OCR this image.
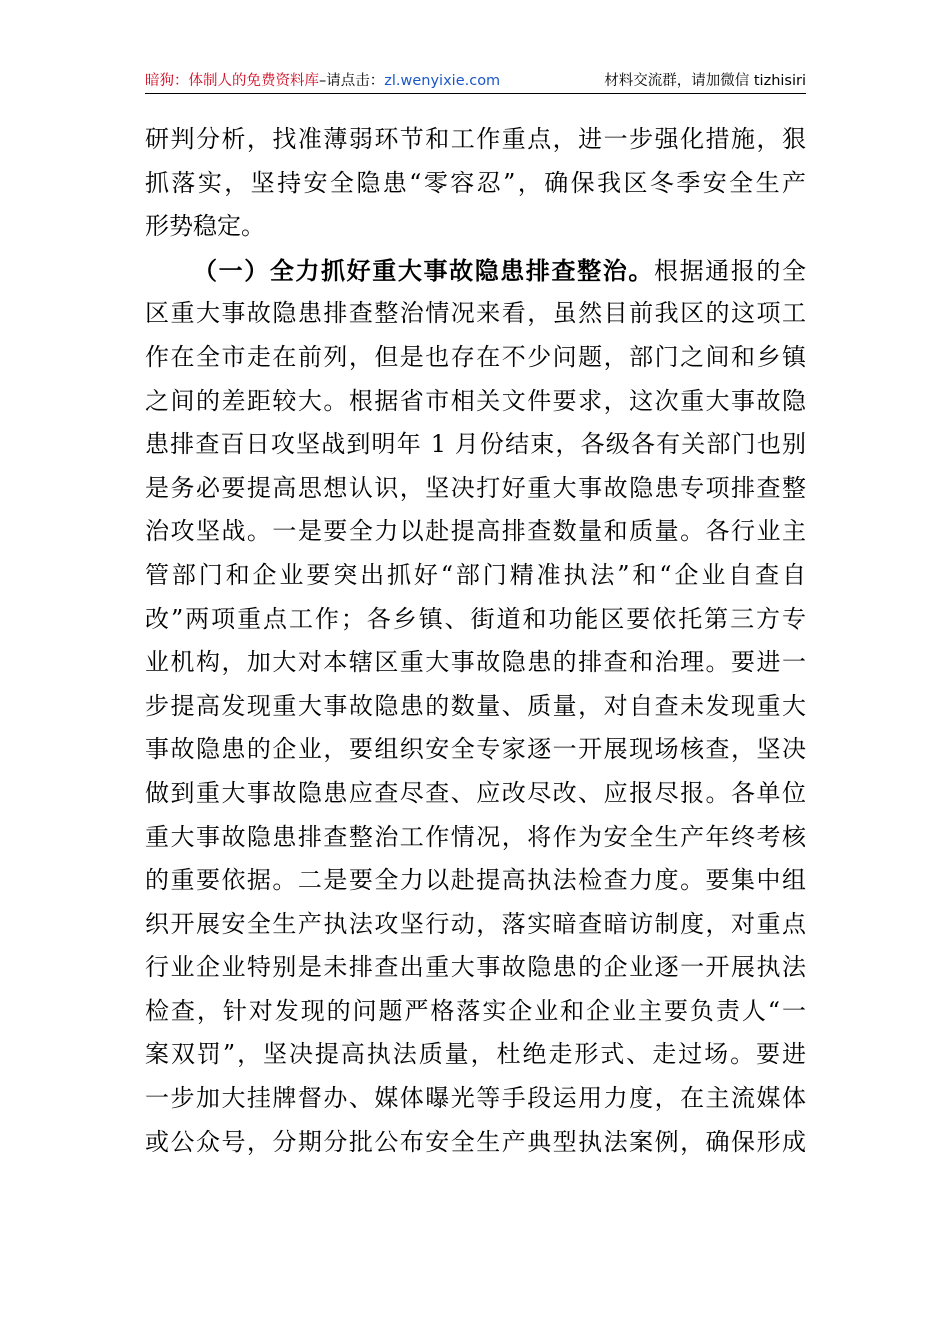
暗狗：体制人的免费资料库–请点击：zl.wenyixie.com	材料交流群，请加微信 tizhisiri
研判分析，找准薄弱环节和工作重点，进一步强化措施，狠
抓落实，坚持安全隐患“零容忍”，确保我区冬季安全生产
形势稳定。
（一）全力抓好重大事故隐患排查整治。根据通报的全
区重大事故隐患排查整治情况来看，虽然目前我区的这项工
作在全市走在前列，但是也存在不少问题，部门之间和乡镇
之间的差距较大。根据省市相关文件要求，这次重大事故隐
患排查百日攻坚战到明年 1 月份结束，各级各有关部门也别
是务必要提高思想认识，坚决打好重大事故隐患专项排查整
治攻坚战。一是要全力以赴提高排查数量和质量。各行业主
管部门和企业要突出抓好“部门精准执法”和“企业自查自
改”两项重点工作；各乡镇、街道和功能区要依托第三方专
业机构，加大对本辖区重大事故隐患的排查和治理。要进一
步提高发现重大事故隐患的数量、质量，对自查未发现重大
事故隐患的企业，要组织安全专家逐一开展现场核查，坚决
做到重大事故隐患应查尽查、应改尽改、应报尽报。各单位
重大事故隐患排查整治工作情况，将作为安全生产年终考核
的重要依据。二是要全力以赴提高执法检查力度。要集中组
织开展安全生产执法攻坚行动，落实暗查暗访制度，对重点
行业企业特别是未排查出重大事故隐患的企业逐一开展执法
检查，针对发现的问题严格落实企业和企业主要负责人“一
案双罚”，坚决提高执法质量，杜绝走形式、走过场。要进
一步加大挂牌督办、媒体曝光等手段运用力度，在主流媒体
或公众号，分期分批公布安全生产典型执法案例，确保形成
